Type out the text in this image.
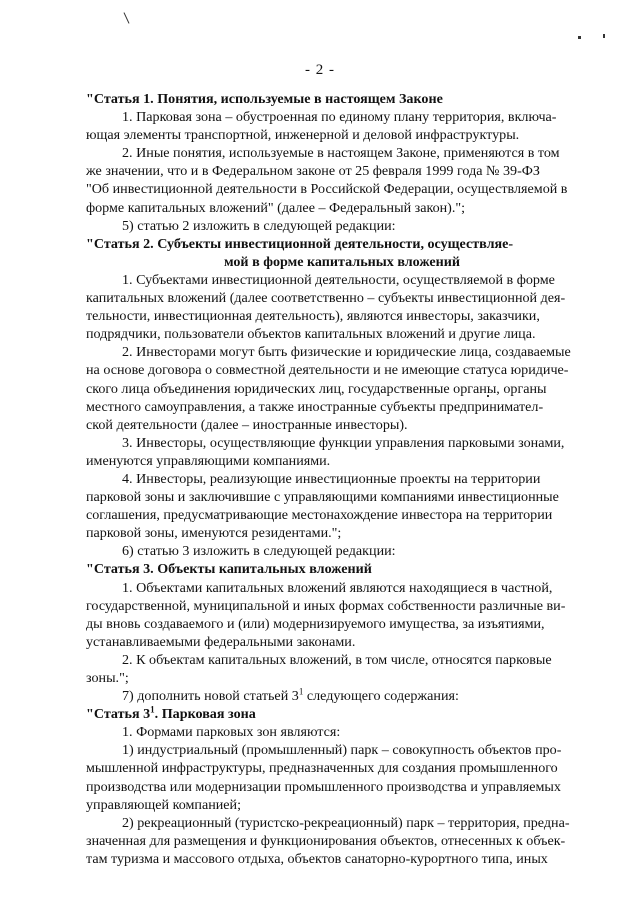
- 2 -

"Статья 1. Понятия, используемые в настоящем Законе

1. Парковая зона – обустроенная по единому плану территория, включа-

ющая элементы транспортной, инженерной и деловой инфраструктуры.

2. Иные понятия, используемые в настоящем Законе, применяются в том

же значении, что и в Федеральном законе от 25 февраля 1999 года № 39-ФЗ

"Об инвестиционной деятельности в Российской Федерации, осуществляемой в

форме капитальных вложений" (далее – Федеральный закон).";

5) статью 2 изложить в следующей редакции:

"Статья 2. Субъекты инвестиционной деятельности, осуществляе-

мой в форме капитальных вложений

1. Субъектами инвестиционной деятельности, осуществляемой в форме

капитальных вложений (далее соответственно – субъекты инвестиционной дея-

тельности, инвестиционная деятельность), являются инвесторы, заказчики,

подрядчики, пользователи объектов капитальных вложений и другие лица.

2. Инвесторами могут быть физические и юридические лица, создаваемые

на основе договора о совместной деятельности и не имеющие статуса юридиче-

ского лица объединения юридических лиц, государственные органы, органы

местного самоуправления, а также иностранные субъекты предпринимател-

ской деятельности (далее – иностранные инвесторы).

3. Инвесторы, осуществляющие функции управления парковыми зонами,

именуются управляющими компаниями.

4. Инвесторы, реализующие инвестиционные проекты на территории

парковой зоны и заключившие с управляющими компаниями инвестиционные

соглашения, предусматривающие местонахождение инвестора на территории

парковой зоны, именуются резидентами.";

6) статью 3 изложить в следующей редакции:

"Статья 3. Объекты капитальных вложений

1. Объектами капитальных вложений являются находящиеся в частной,

государственной, муниципальной и иных формах собственности различные ви-

ды вновь создаваемого и (или) модернизируемого имущества, за изъятиями,

устанавливаемыми федеральными законами.

2. К объектам капитальных вложений, в том числе, относятся парковые

зоны.";

7) дополнить новой статьей $3^1$ следующего содержания:

"Статья $3^1$. Парковая зона

1. Формами парковых зон являются:

1) индустриальный (промышленный) парк – совокупность объектов про-

мышленной инфраструктуры, предназначенных для создания промышленного

производства или модернизации промышленного производства и управляемых

управляющей компанией;

2) рекреационный (туристско-рекреационный) парк – территория, предна-

значенная для размещения и функционирования объектов, отнесенных к объек-

там туризма и массового отдыха, объектов санаторно-курортного типа, иных
